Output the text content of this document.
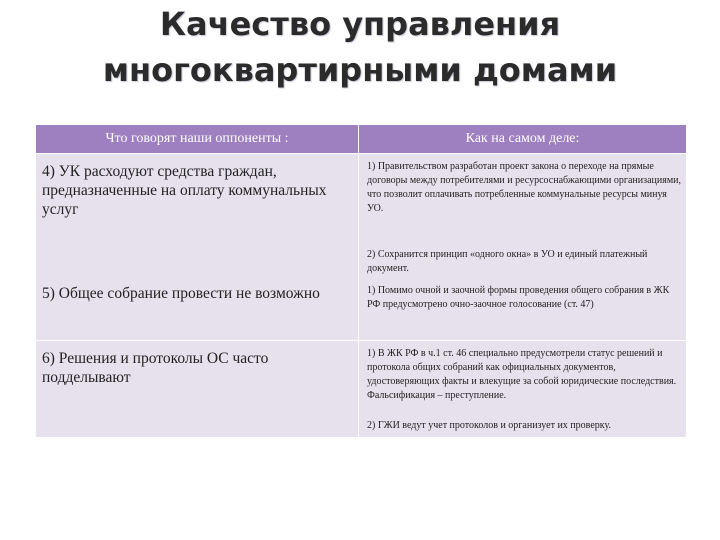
Качество управления
многоквартирными домами
Что говорят наши оппоненты :	Как на самом деле:
4) УК расходуют средства граждан, предназначенные на оплату коммунальных услуг
1) Правительством разработан проект закона о переходе на прямые договоры между потребителями и ресурсоснабжающими организациями, что позволит оплачивать потребленные коммунальные ресурсы минуя УО.
2) Сохранится принцип «одного окна» в УО и единый платежный документ.
5) Общее собрание провести не возможно	1) Помимо очной и заочной формы проведения общего собрания в ЖК РФ предусмотрено очно-заочное голосование (ст. 47)
6) Решения и протоколы ОС часто подделывают
1) В ЖК РФ в ч.1 ст. 46 специально предусмотрели статус решений и протокола общих собраний как официальных документов, удостоверяющих факты и влекущие за собой юридические последствия. Фальсификация – преступление.
2) ГЖИ ведут учет протоколов и организует их проверку.
